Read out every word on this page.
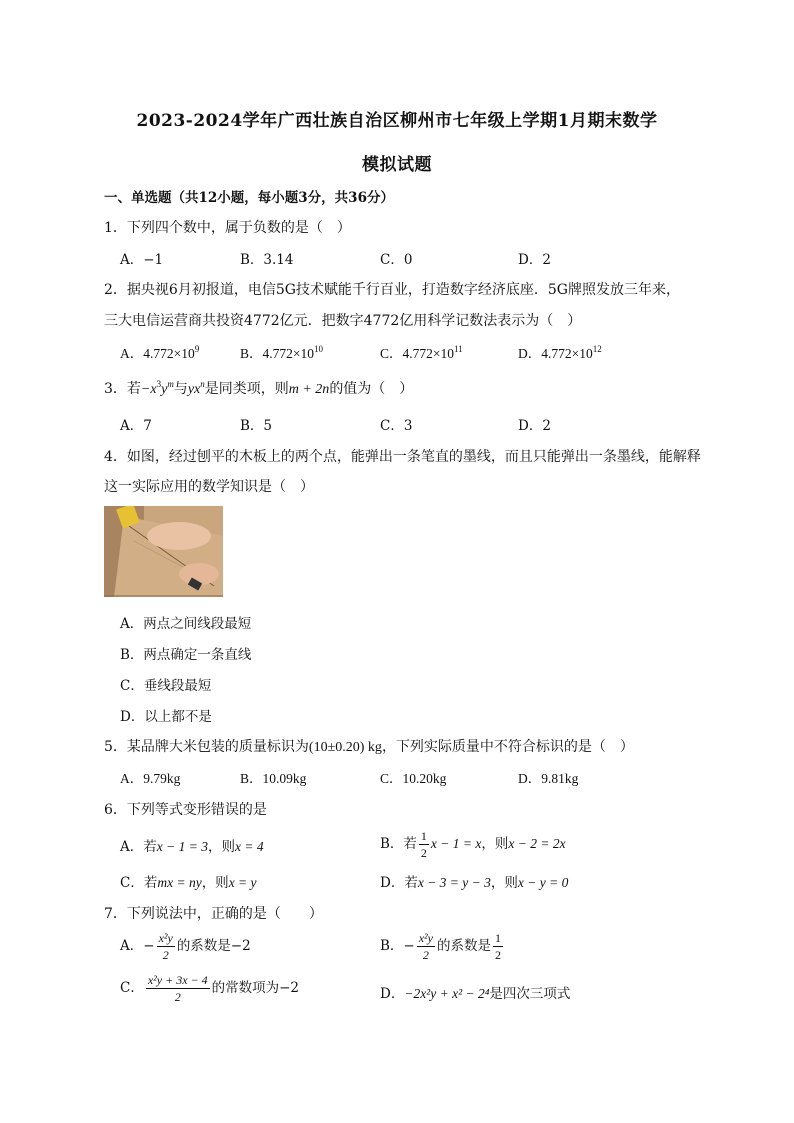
2023-2024学年广西壮族自治区柳州市七年级上学期1月期末数学
模拟试题
一、单选题（共12小题，每小题3分，共36分）
1．下列四个数中，属于负数的是（　）
A．−1	B．3.14	C．0	D．2
2．据央视6月初报道，电信5G技术赋能千行百业，打造数字经济底座．5G牌照发放三年来，
三大电信运营商共投资4772亿元．把数字4772亿用科学记数法表示为（　）
A．$4.772\times 10^9$	B．$4.772\times 10^{10}$	C．$4.772\times 10^{11}$	D．$4.772\times 10^{12}$
3．若$-x^3y^m$与$yx^n$是同类项，则m + 2n的值为（　）
A．7	B．5	C．3	D．2
4．如图，经过刨平的木板上的两个点，能弹出一条笔直的墨线，而且只能弹出一条墨线，能解释
这一实际应用的数学知识是（　）
A．两点之间线段最短
B．两点确定一条直线
C．垂线段最短
D．以上都不是
5．某品牌大米包装的质量标识为(10±0.20) kg，下列实际质量中不符合标识的是（　）
A．9.79kg	B．10.09kg	C．10.20kg	D．9.81kg
6．下列等式变形错误的是
A．若x − 1 = 3，则x = 4	B．若 $\frac{1}{2}$ x − 1 = x，则x − 2 = 2x
C．若mx = ny，则x = y	D．若x − 3 = y − 3，则x − y = 0
7．下列说法中，正确的是（　　）
A．− $\frac{\text{x²y}}{2}$ 的系数是−2	B．− $\frac{\text{x²y}}{2}$ 的系数是 $\frac{1}{2}$
C． $\frac{\text{x²y + 3x − 4}}{2}$ 的常数项为−2	D．−2x²y + x² − 2⁴是四次三项式
